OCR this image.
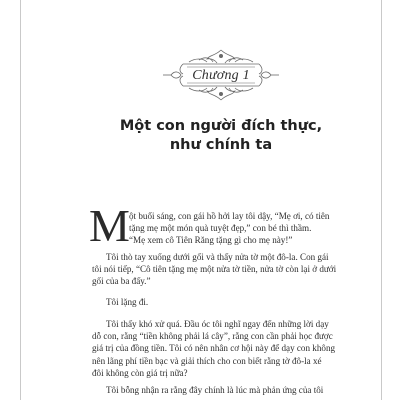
Chương 1
Một con người đích thực,
như chính ta
M ột buổi sáng, con gái hồ hởi lay tôi dậy, “Mẹ ơi, có tiên
tặng mẹ một món quà tuyệt đẹp,” con bé thì thầm.
“Mẹ xem cô Tiên Răng tặng gì cho mẹ này!”
Tôi thò tay xuống dưới gối và thấy nửa tờ một đô-la. Con gái
tôi nói tiếp, “Cô tiên tặng mẹ một nửa tờ tiền, nửa tờ còn lại ở dưới
gối của ba đấy.”
Tôi lặng đi.
Tôi thấy khó xử quá. Đầu óc tôi nghĩ ngay đến những lời dạy
dỗ con, rằng “tiền không phải lá cây”, rằng con cần phải học được
giá trị của đồng tiền. Tôi có nên nhân cơ hội này để dạy con không
nên lãng phí tiền bạc và giải thích cho con biết rằng tờ đô-la xé
đôi không còn giá trị nữa?
Tôi bỗng nhận ra rằng đây chính là lúc mà phản ứng của tôi
